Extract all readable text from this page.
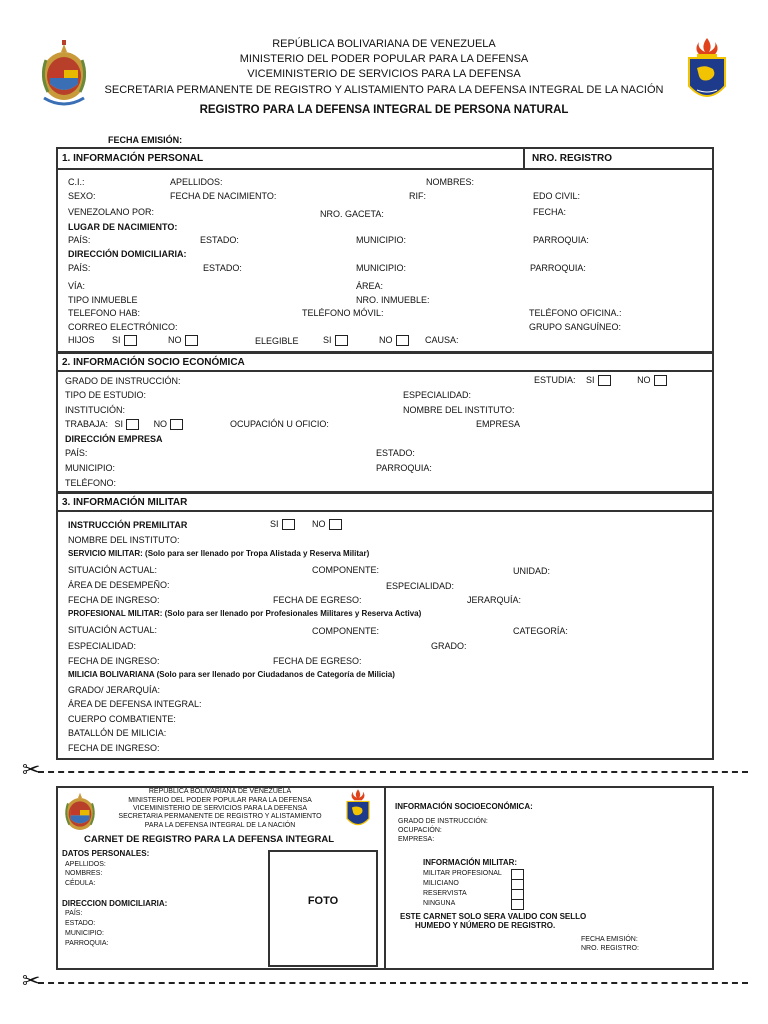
REPÚBLICA BOLIVARIANA DE VENEZUELA
MINISTERIO DEL PODER POPULAR PARA LA DEFENSA
VICEMINISTERIO DE SERVICIOS PARA LA DEFENSA
SECRETARIA PERMANENTE DE REGISTRO Y ALISTAMIENTO PARA LA DEFENSA INTEGRAL DE LA NACIÓN
REGISTRO PARA LA DEFENSA INTEGRAL DE PERSONA NATURAL
FECHA EMISIÓN:
1. INFORMACIÓN PERSONAL	NRO. REGISTRO
C.I.:	APELLIDOS:	NOMBRES:
SEXO:	FECHA DE NACIMIENTO:	RIF:	EDO CIVIL:
VENEZOLANO POR:	NRO. GACETA:	FECHA:
LUGAR DE NACIMIENTO:
PAÍS:	ESTADO:	MUNICIPIO:	PARROQUIA:
DIRECCIÓN DOMICILIARIA:
PAÍS:	ESTADO:	MUNICIPIO:	PARROQUIA:
VÍA:	ÁREA:
TIPO INMUEBLE	NRO. INMUEBLE:
TELEFONO HAB:	TELÉFONO MÓVIL:	TELÉFONO OFICINA.:
CORREO ELECTRÓNICO:	GRUPO SANGUÍNEO:
HIJOS SI	NO	ELEGIBLE	SI	NO	CAUSA:
2. INFORMACIÓN SOCIO ECONÓMICA
GRADO DE INSTRUCCIÓN:	ESTUDIA: SI	NO
TIPO DE ESTUDIO:	ESPECIALIDAD:
INSTITUCIÓN:	NOMBRE DEL INSTITUTO:
TRABAJA: SI	NO	OCUPACIÓN U OFICIO:	EMPRESA
DIRECCIÓN EMPRESA
PAÍS:	ESTADO:
MUNICIPIO:	PARROQUIA:
TELÉFONO:
3. INFORMACIÓN MILITAR
INSTRUCCIÓN PREMILITAR	SI	NO
NOMBRE DEL INSTITUTO:
SERVICIO MILITAR: (Solo para ser llenado por Tropa Alistada y Reserva Militar)
SITUACIÓN ACTUAL:	COMPONENTE:	UNIDAD:
ÁREA DE DESEMPEÑO:	ESPECIALIDAD:
FECHA DE INGRESO:	FECHA DE EGRESO:	JERARQUÍA:
PROFESIONAL MILITAR: (Solo para ser llenado por Profesionales Militares y Reserva Activa)
SITUACIÓN ACTUAL:	COMPONENTE:	CATEGORÍA:
ESPECIALIDAD:	GRADO:
FECHA DE INGRESO:	FECHA DE EGRESO:
MILICIA BOLIVARIANA (Solo para ser llenado por Ciudadanos de Categoría de Milicia)
GRADO/ JERARQUÍA:
ÁREA DE DEFENSA INTEGRAL:
CUERPO COMBATIENTE:
BATALLÓN DE MILICIA:
FECHA DE INGRESO:
✂
REPÚBLICA BOLIVARIANA DE VENEZUELA
MINISTERIO DEL PODER POPULAR PARA LA DEFENSA
VICEMINISTERIO DE SERVICIOS PARA LA DEFENSA
SECRETARIA PERMANENTE DE REGISTRO Y ALISTAMIENTO
PARA LA DEFENSA INTEGRAL DE LA NACIÓN
CARNET DE REGISTRO PARA LA DEFENSA INTEGRAL
DATOS PERSONALES:
APELLIDOS:
NOMBRES:
CÉDULA:
DIRECCION DOMICILIARIA:
PAÍS:
ESTADO:
MUNICIPIO:
PARROQUIA:
FOTO
INFORMACIÓN SOCIOECONÓMICA:
GRADO DE INSTRUCCIÓN:
OCUPACIÓN:
EMPRESA:
INFORMACIÓN MILITAR:
MILITAR PROFESIONAL
MILICIANO
RESERVISTA
NINGUNA
ESTE CARNET SOLO SERA VALIDO CON SELLO
HUMEDO Y NÚMERO DE REGISTRO.
FECHA EMISIÓN:
NRO. REGISTRO:
✂
